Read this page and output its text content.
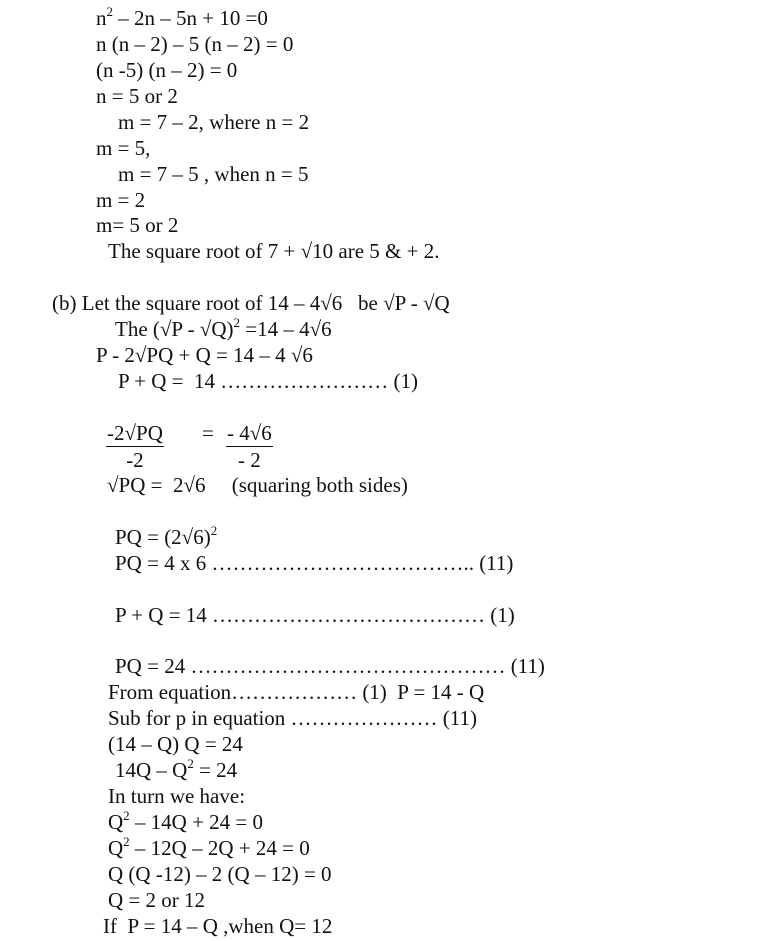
$n^2 - 2n - 5n + 10 =0$
n (n – 2) – 5 (n – 2) = 0
(n -5) (n – 2) = 0
n = 5 or 2
m = 7 – 2, where n = 2
m = 5,
m = 7 – 5 , when n = 5
m = 2
m= 5 or 2
The square root of 7 + √10 are 5 & + 2.
(b) Let the square root of 14 – 4√6   be √P - √Q
The (√P - √Q)$^2$ =14 – 4√6
P - 2√PQ + Q = 14 – 4 √6
P + Q =  14 …………………… (1)
$\frac{-2√PQ}{-2} = \frac{- 4√6}{- 2}$
√PQ =  2√6     (squaring both sides)
PQ = $(2√6)^2$
PQ = 4 x 6 ……………………………….. (11)
P + Q = 14 ………………………………… (1)
PQ = 24 ……………………………………… (11)
From equation……………… (1)  P = 14 - Q
Sub for p in equation ………………… (11)
(14 – Q) Q = 24
$14Q - Q^2 = 24$
In turn we have:
$Q^2 - 14Q + 24 = 0$
$Q^2 - 12Q - 2Q + 24 = 0$
Q (Q -12) – 2 (Q – 12) = 0
Q = 2 or 12
If  P = 14 – Q ,when Q= 12
